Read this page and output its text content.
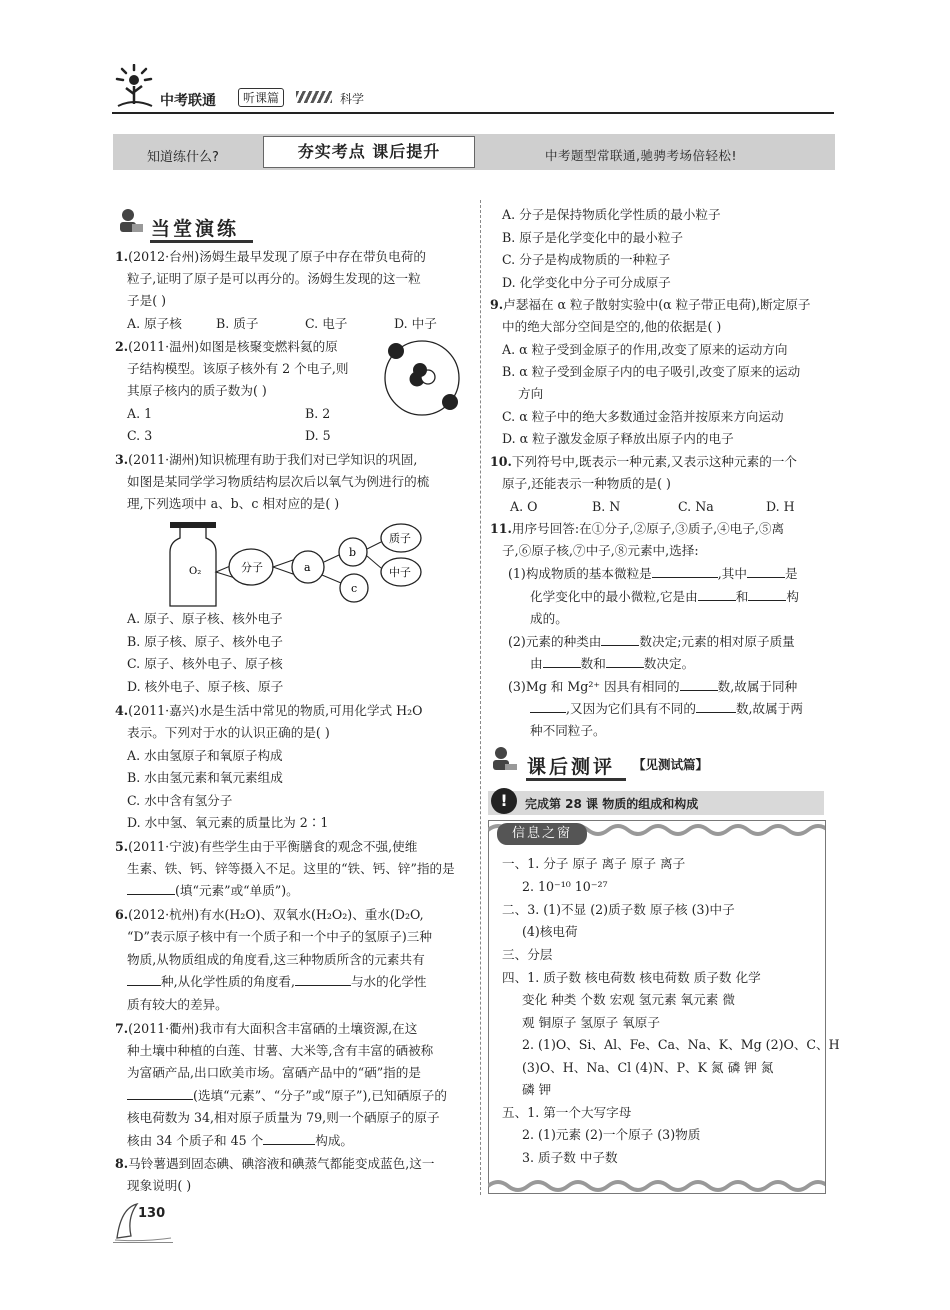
中考联通	听课篇	科学
知道练什么?	夯实考点 课后提升	中考题型常联通,驰骋考场倍轻松!
当堂演练
1.(2012·台州)汤姆生最早发现了原子中存在带负电荷的
粒子,证明了原子是可以再分的。汤姆生发现的这一粒
子是( )
A. 原子核	B. 质子	C. 电子	D. 中子
2.(2011·温州)如图是核聚变燃料氦的原
子结构模型。该原子核外有 2 个电子,则
其原子核内的质子数为( )
A. 1	B. 2
C. 3	D. 5
3.(2011·湖州)知识梳理有助于我们对已学知识的巩固,
如图是某同学学习物质结构层次后以氧气为例进行的梳
理,下列选项中 a、b、c 相对应的是( )
O₂	分子	a
b
c
质子
中子
A. 原子、原子核、核外电子
B. 原子核、原子、核外电子
C. 原子、核外电子、原子核
D. 核外电子、原子核、原子
4.(2011·嘉兴)水是生活中常见的物质,可用化学式 H₂O
表示。下列对于水的认识正确的是( )
A. 水由氢原子和氧原子构成
B. 水由氢元素和氧元素组成
C. 水中含有氢分子
D. 水中氢、氧元素的质量比为 2∶1
5.(2011·宁波)有些学生由于平衡膳食的观念不强,使维
生素、铁、钙、锌等摄入不足。这里的“铁、钙、锌”指的是
(填“元素”或“单质”)。
6.(2012·杭州)有水(H₂O)、双氧水(H₂O₂)、重水(D₂O,
“D”表示原子核中有一个质子和一个中子的氢原子)三种
物质,从物质组成的角度看,这三种物质所含的元素共有
种,从化学性质的角度看,	与水的化学性
质有较大的差异。
7.(2011·衢州)我市有大面积含丰富硒的土壤资源,在这
种土壤中种植的白莲、甘薯、大米等,含有丰富的硒被称
为富硒产品,出口欧美市场。富硒产品中的“硒”指的是
(选填“元素”、“分子”或“原子”),已知硒原子的
核电荷数为 34,相对原子质量为 79,则一个硒原子的原子
核由 34 个质子和 45 个	构成。
8.马铃薯遇到固态碘、碘溶液和碘蒸气都能变成蓝色,这一
现象说明( )
A. 分子是保持物质化学性质的最小粒子
B. 原子是化学变化中的最小粒子
C. 分子是构成物质的一种粒子
D. 化学变化中分子可分成原子
9.卢瑟福在 α 粒子散射实验中(α 粒子带正电荷),断定原子
中的绝大部分空间是空的,他的依据是( )
A. α 粒子受到金原子的作用,改变了原来的运动方向
B. α 粒子受到金原子内的电子吸引,改变了原来的运动
方向
C. α 粒子中的绝大多数通过金箔并按原来方向运动
D. α 粒子激发金原子释放出原子内的电子
10.下列符号中,既表示一种元素,又表示这种元素的一个
原子,还能表示一种物质的是( )
A. O	B. N	C. Na	D. H
11.用序号回答:在①分子,②原子,③质子,④电子,⑤离
子,⑥原子核,⑦中子,⑧元素中,选择:
(1)构成物质的基本微粒是	,其中	是
化学变化中的最小微粒,它是由	和	构
成的。
(2)元素的种类由	数决定;元素的相对原子质量
由	数和	数决定。
(3)Mg 和 Mg²⁺ 因具有相同的	数,故属于同种
,又因为它们具有不同的	数,故属于两
种不同粒子。
课后测评 【见测试篇】
!	完成第 28 课 物质的组成和构成
信息之窗
一、1. 分子 原子 离子 原子 离子
2. 10⁻¹⁰ 10⁻²⁷
二、3. (1)不显 (2)质子数 原子核 (3)中子
(4)核电荷
三、分层
四、1. 质子数 核电荷数 核电荷数 质子数 化学
变化 种类 个数 宏观 氢元素 氧元素 微
观 铜原子 氢原子 氧原子
2. (1)O、Si、Al、Fe、Ca、Na、K、Mg (2)O、C、H
(3)O、H、Na、Cl (4)N、P、K 氮 磷 钾 氮
磷 钾
五、1. 第一个大写字母
2. (1)元素 (2)一个原子 (3)物质
3. 质子数 中子数
130
